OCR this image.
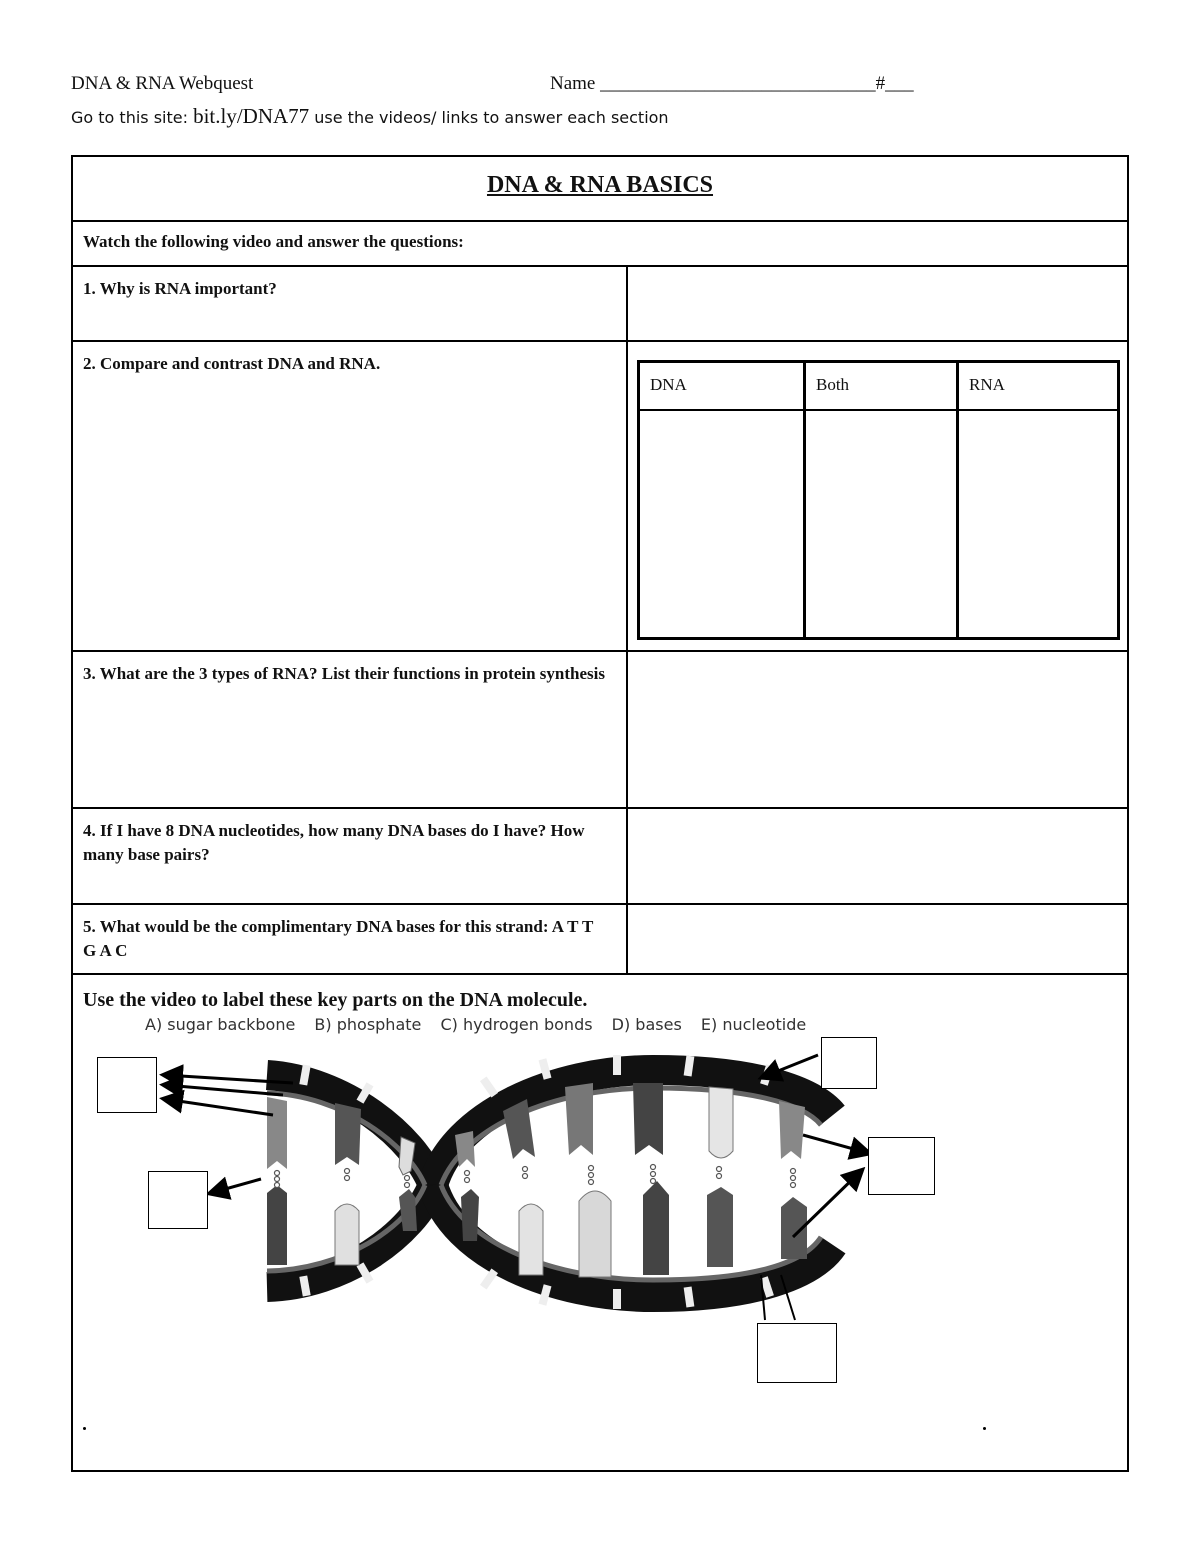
DNA & RNA Webquest	Name _____________________________#___
Go to this site: bit.ly/DNA77 use the videos/ links to answer each section
DNA & RNA BASICS
Watch the following video and answer the questions:
1. Why is RNA important?
2. Compare and contrast DNA and RNA.
DNA	Both	RNA
3. What are the 3 types of RNA? List their functions in protein synthesis
4. If I have 8 DNA nucleotides, how many DNA bases do I have? How many base pairs?
5. What would be the complimentary DNA bases for this strand: A T T G A C
Use the video to label these key parts on the DNA molecule.
A) sugar backbone B) phosphate C) hydrogen bonds D) bases E) nucleotide
